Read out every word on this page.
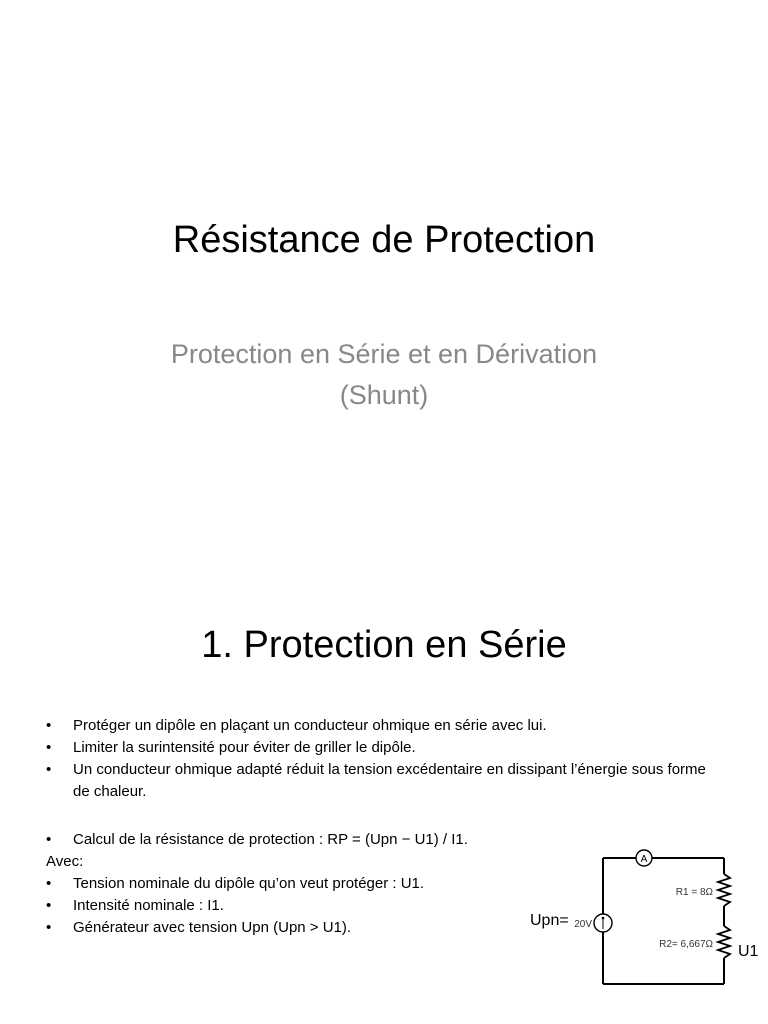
Résistance de Protection
Protection en Série et en Dérivation
(Shunt)
1. Protection en Série
• Protéger un dipôle en plaçant un conducteur ohmique en série avec lui.
• Limiter la surintensité pour éviter de griller le dipôle.
• Un conducteur ohmique adapté réduit la tension excédentaire en dissipant l’énergie sous forme de chaleur.
• Calcul de la résistance de protection : RP = (Upn − U1) / I1.
Avec:
• Tension nominale du dipôle qu’on veut protéger : U1.
• Intensité nominale : I1.
• Générateur avec tension Upn (Upn > U1).
A
R1 = 8Ω
R2= 6,667Ω
20V
Upn=
U1
